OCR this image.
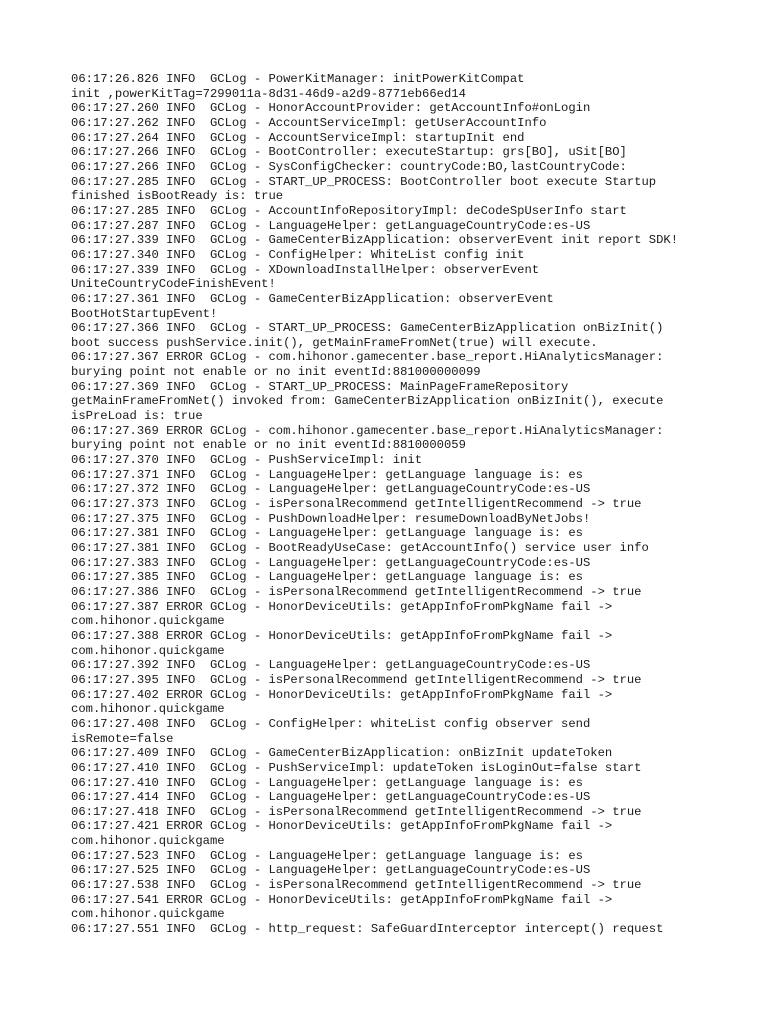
06:17:26.826 INFO  GCLog - PowerKitManager: initPowerKitCompat
init ,powerKitTag=7299011a-8d31-46d9-a2d9-8771eb66ed14
06:17:27.260 INFO  GCLog - HonorAccountProvider: getAccountInfo#onLogin
06:17:27.262 INFO  GCLog - AccountServiceImpl: getUserAccountInfo
06:17:27.264 INFO  GCLog - AccountServiceImpl: startupInit end
06:17:27.266 INFO  GCLog - BootController: executeStartup: grs[BO], uSit[BO]
06:17:27.266 INFO  GCLog - SysConfigChecker: countryCode:BO,lastCountryCode:
06:17:27.285 INFO  GCLog - START_UP_PROCESS: BootController boot execute Startup
finished isBootReady is: true
06:17:27.285 INFO  GCLog - AccountInfoRepositoryImpl: deCodeSpUserInfo start
06:17:27.287 INFO  GCLog - LanguageHelper: getLanguageCountryCode:es-US
06:17:27.339 INFO  GCLog - GameCenterBizApplication: observerEvent init report SDK!
06:17:27.340 INFO  GCLog - ConfigHelper: WhiteList config init
06:17:27.339 INFO  GCLog - XDownloadInstallHelper: observerEvent
UniteCountryCodeFinishEvent!
06:17:27.361 INFO  GCLog - GameCenterBizApplication: observerEvent
BootHotStartupEvent!
06:17:27.366 INFO  GCLog - START_UP_PROCESS: GameCenterBizApplication onBizInit()
boot success pushService.init(), getMainFrameFromNet(true) will execute.
06:17:27.367 ERROR GCLog - com.hihonor.gamecenter.base_report.HiAnalyticsManager:
burying point not enable or no init eventId:881000000099
06:17:27.369 INFO  GCLog - START_UP_PROCESS: MainPageFrameRepository
getMainFrameFromNet() invoked from: GameCenterBizApplication onBizInit(), execute
isPreLoad is: true
06:17:27.369 ERROR GCLog - com.hihonor.gamecenter.base_report.HiAnalyticsManager:
burying point not enable or no init eventId:8810000059
06:17:27.370 INFO  GCLog - PushServiceImpl: init
06:17:27.371 INFO  GCLog - LanguageHelper: getLanguage language is: es
06:17:27.372 INFO  GCLog - LanguageHelper: getLanguageCountryCode:es-US
06:17:27.373 INFO  GCLog - isPersonalRecommend getIntelligentRecommend -> true
06:17:27.375 INFO  GCLog - PushDownloadHelper: resumeDownloadByNetJobs!
06:17:27.381 INFO  GCLog - LanguageHelper: getLanguage language is: es
06:17:27.381 INFO  GCLog - BootReadyUseCase: getAccountInfo() service user info
06:17:27.383 INFO  GCLog - LanguageHelper: getLanguageCountryCode:es-US
06:17:27.385 INFO  GCLog - LanguageHelper: getLanguage language is: es
06:17:27.386 INFO  GCLog - isPersonalRecommend getIntelligentRecommend -> true
06:17:27.387 ERROR GCLog - HonorDeviceUtils: getAppInfoFromPkgName fail ->
com.hihonor.quickgame
06:17:27.388 ERROR GCLog - HonorDeviceUtils: getAppInfoFromPkgName fail ->
com.hihonor.quickgame
06:17:27.392 INFO  GCLog - LanguageHelper: getLanguageCountryCode:es-US
06:17:27.395 INFO  GCLog - isPersonalRecommend getIntelligentRecommend -> true
06:17:27.402 ERROR GCLog - HonorDeviceUtils: getAppInfoFromPkgName fail ->
com.hihonor.quickgame
06:17:27.408 INFO  GCLog - ConfigHelper: whiteList config observer send
isRemote=false
06:17:27.409 INFO  GCLog - GameCenterBizApplication: onBizInit updateToken
06:17:27.410 INFO  GCLog - PushServiceImpl: updateToken isLoginOut=false start
06:17:27.410 INFO  GCLog - LanguageHelper: getLanguage language is: es
06:17:27.414 INFO  GCLog - LanguageHelper: getLanguageCountryCode:es-US
06:17:27.418 INFO  GCLog - isPersonalRecommend getIntelligentRecommend -> true
06:17:27.421 ERROR GCLog - HonorDeviceUtils: getAppInfoFromPkgName fail ->
com.hihonor.quickgame
06:17:27.523 INFO  GCLog - LanguageHelper: getLanguage language is: es
06:17:27.525 INFO  GCLog - LanguageHelper: getLanguageCountryCode:es-US
06:17:27.538 INFO  GCLog - isPersonalRecommend getIntelligentRecommend -> true
06:17:27.541 ERROR GCLog - HonorDeviceUtils: getAppInfoFromPkgName fail ->
com.hihonor.quickgame
06:17:27.551 INFO  GCLog - http_request: SafeGuardInterceptor intercept() request
